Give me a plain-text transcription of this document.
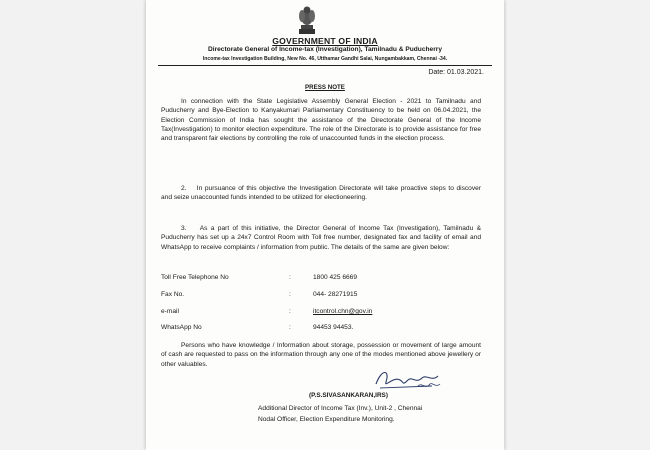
GOVERNMENT OF INDIA
Directorate General of Income-tax (Investigation), Tamilnadu & Puducherry
Income-tax Investigation Building, New No. 46, Utthamar Gandhi Salai, Nungambakkam, Chennai -34.
Date: 01.03.2021.
PRESS NOTE

In connection with the State Legislative Assembly General Election - 2021 to Tamilnadu and Puducherry and Bye-Election to Kanyakumari Parliamentary Constituency to be held on 06.04.2021, the Election Commission of India has sought the assistance of the Directorate General of the Income Tax(Investigation) to monitor election expenditure. The role of the Directorate is to provide assistance for free and transparent fair elections by controlling the role of unaccounted funds in the election process.

2.    In pursuance of this objective the Investigation Directorate will take proactive steps to discover and seize unaccounted funds intended to be utilized for electioneering.

3.    As a part of this initiative, the Director General of Income Tax (Investigation), Tamilnadu & Puducherry has set up a 24x7 Control Room with Toll free number, designated fax and facility of email and WhatsApp to receive complaints / information from public. The details of the same are given below:

Toll Free Telephone No	:	1800 425 6669
Fax No.	:	044- 28271915
e-mail	:	itcontrol.chn@gov.in
WhatsApp No	:	94453 94453.

Persons who have knowledge / Information about storage, possession or movement of large amount of cash are requested to pass on the information through any one of the modes mentioned above jewellery or other valuables.

(P.S.SIVASANKARAN,IRS)
Additional Director of Income Tax (Inv.), Unit-2 , Chennai
Nodal Officer, Election Expenditure Monitoring.
